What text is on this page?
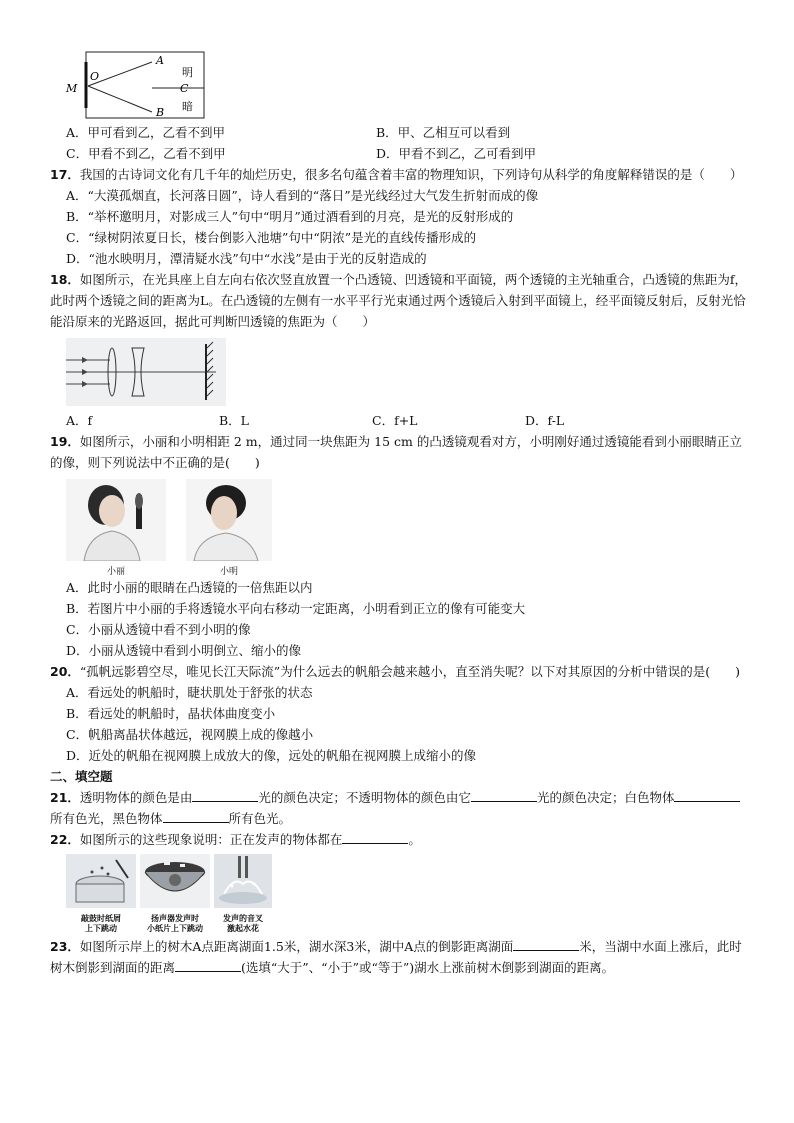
M
O
A
B
C
明
暗
A．甲可看到乙，乙看不到甲	B．甲、乙相互可以看到
C．甲看不到乙，乙看不到甲	D．甲看不到乙，乙可看到甲
17．我国的古诗词文化有几千年的灿烂历史，很多名句蕴含着丰富的物理知识，下列诗句从科学的角度解释错误的是（　　）
A．“大漠孤烟直，长河落日圆”，诗人看到的“落日”是光线经过大气发生折射而成的像
B．“举杯邀明月，对影成三人”句中“明月”通过酒看到的月亮，是光的反射形成的
C．“绿树阴浓夏日长，楼台倒影入池塘”句中“阴浓”是光的直线传播形成的
D．“池水映明月，潭清疑水浅”句中“水浅”是由于光的反射造成的
18．如图所示，在光具座上自左向右依次竖直放置一个凸透镜、凹透镜和平面镜，两个透镜的主光轴重合，凸透镜的焦距为f，此时两个透镜之间的距离为L。在凸透镜的左侧有一水平平行光束通过两个透镜后入射到平面镜上，经平面镜反射后，反射光恰能沿原来的光路返回，据此可判断凹透镜的焦距为（　　）
A．f	B．L	C．f+L	D．f-L
19．如图所示，小丽和小明相距 2 m，通过同一块焦距为 15 cm 的凸透镜观看对方，小明刚好通过透镜能看到小丽眼睛正立的像，则下列说法中不正确的是(　　)
小丽	小明
A．此时小丽的眼睛在凸透镜的一倍焦距以内
B．若图片中小丽的手将透镜水平向右移动一定距离，小明看到正立的像有可能变大
C．小丽从透镜中看不到小明的像
D．小丽从透镜中看到小明倒立、缩小的像
20．“孤帆远影碧空尽，唯见长江天际流”为什么远去的帆船会越来越小，直至消失呢？以下对其原因的分析中错误的是(　　)
A．看远处的帆船时，睫状肌处于舒张的状态
B．看远处的帆船时，晶状体曲度变小
C．帆船离晶状体越远，视网膜上成的像越小
D．近处的帆船在视网膜上成放大的像，远处的帆船在视网膜上成缩小的像
二、填空题
21．透明物体的颜色是由	光的颜色决定；不透明物体的颜色由它	光的颜色决定；白色物体所有色光，黑色物体	所有色光。
22．如图所示的这些现象说明：正在发声的物体都在	。
敲鼓时纸屑
上下跳动
扬声器发声时
小纸片上下跳动
发声的音叉
激起水花
23．如图所示岸上的树木A点距离湖面1.5米，湖水深3米，湖中A点的倒影距离湖面	米，当湖中水面上涨后，此时树木倒影到湖面的距离	(选填“大于”、“小于”或“等于”)湖水上涨前树木倒影到湖面的距离。
